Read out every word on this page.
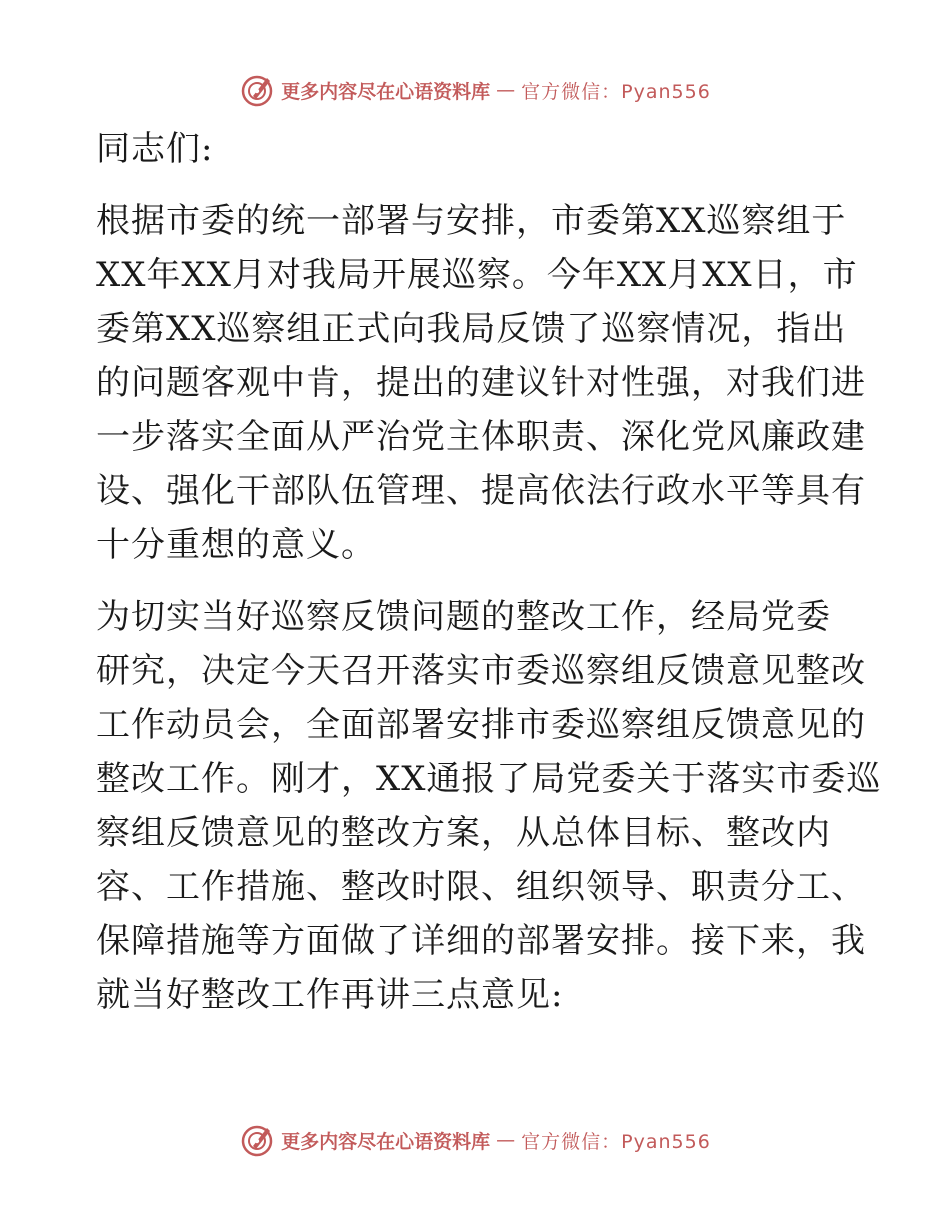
更多内容尽在心语资料库 — 官方微信：Pyan556
同志们:
根据市委的统一部署与安排，市委第XX巡察组于
XX年XX月对我局开展巡察。今年XX月XX日，市
委第XX巡察组正式向我局反馈了巡察情况，指出
的问题客观中肯，提出的建议针对性强，对我们进
一步落实全面从严治党主体职责、深化党风廉政建
设、强化干部队伍管理、提高依法行政水平等具有
十分重想的意义。
为切实当好巡察反馈问题的整改工作，经局党委
研究，决定今天召开落实市委巡察组反馈意见整改
工作动员会，全面部署安排市委巡察组反馈意见的
整改工作。刚才，XX通报了局党委关于落实市委巡
察组反馈意见的整改方案，从总体目标、整改内
容、工作措施、整改时限、组织领导、职责分工、
保障措施等方面做了详细的部署安排。接下来，我
就当好整改工作再讲三点意见:
更多内容尽在心语资料库 — 官方微信：Pyan556
